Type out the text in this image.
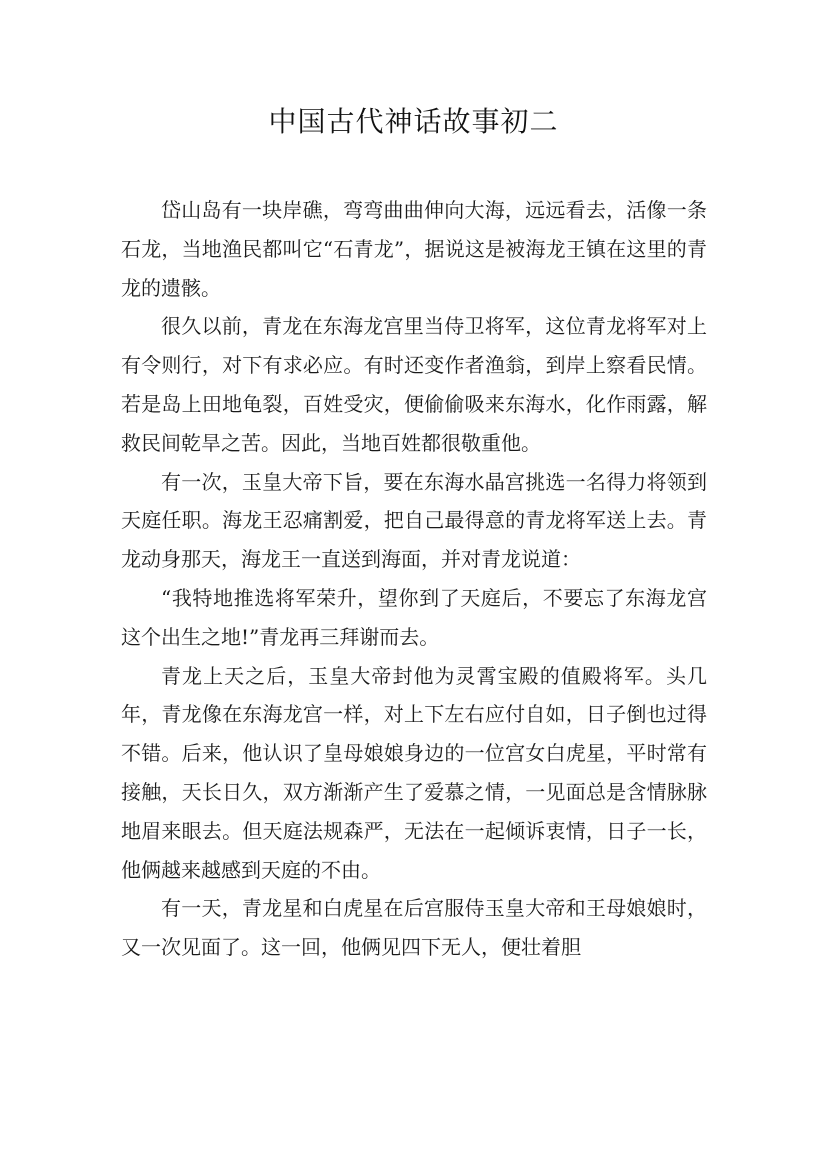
中国古代神话故事初二

岱山岛有一块岸礁，弯弯曲曲伸向大海，远远看去，活像一条石龙，当地渔民都叫它“石青龙”，据说这是被海龙王镇在这里的青龙的遗骸。

很久以前，青龙在东海龙宫里当侍卫将军，这位青龙将军对上有令则行，对下有求必应。有时还变作者渔翁，到岸上察看民情。若是岛上田地龟裂，百姓受灾，便偷偷吸来东海水，化作雨露，解救民间乾旱之苦。因此，当地百姓都很敬重他。

有一次，玉皇大帝下旨，要在东海水晶宫挑选一名得力将领到天庭任职。海龙王忍痛割爱，把自己最得意的青龙将军送上去。青龙动身那天，海龙王一直送到海面，并对青龙说道：

“我特地推选将军荣升，望你到了天庭后，不要忘了东海龙宫这个出生之地!”青龙再三拜谢而去。

青龙上天之后，玉皇大帝封他为灵霄宝殿的值殿将军。头几年，青龙像在东海龙宫一样，对上下左右应付自如，日子倒也过得不错。后来，他认识了皇母娘娘身边的一位宫女白虎星，平时常有接触，天长日久，双方渐渐产生了爱慕之情，一见面总是含情脉脉地眉来眼去。但天庭法规森严，无法在一起倾诉衷情，日子一长，他俩越来越感到天庭的不由。

有一天，青龙星和白虎星在后宫服侍玉皇大帝和王母娘娘时，又一次见面了。这一回，他俩见四下无人，便壮着胆
